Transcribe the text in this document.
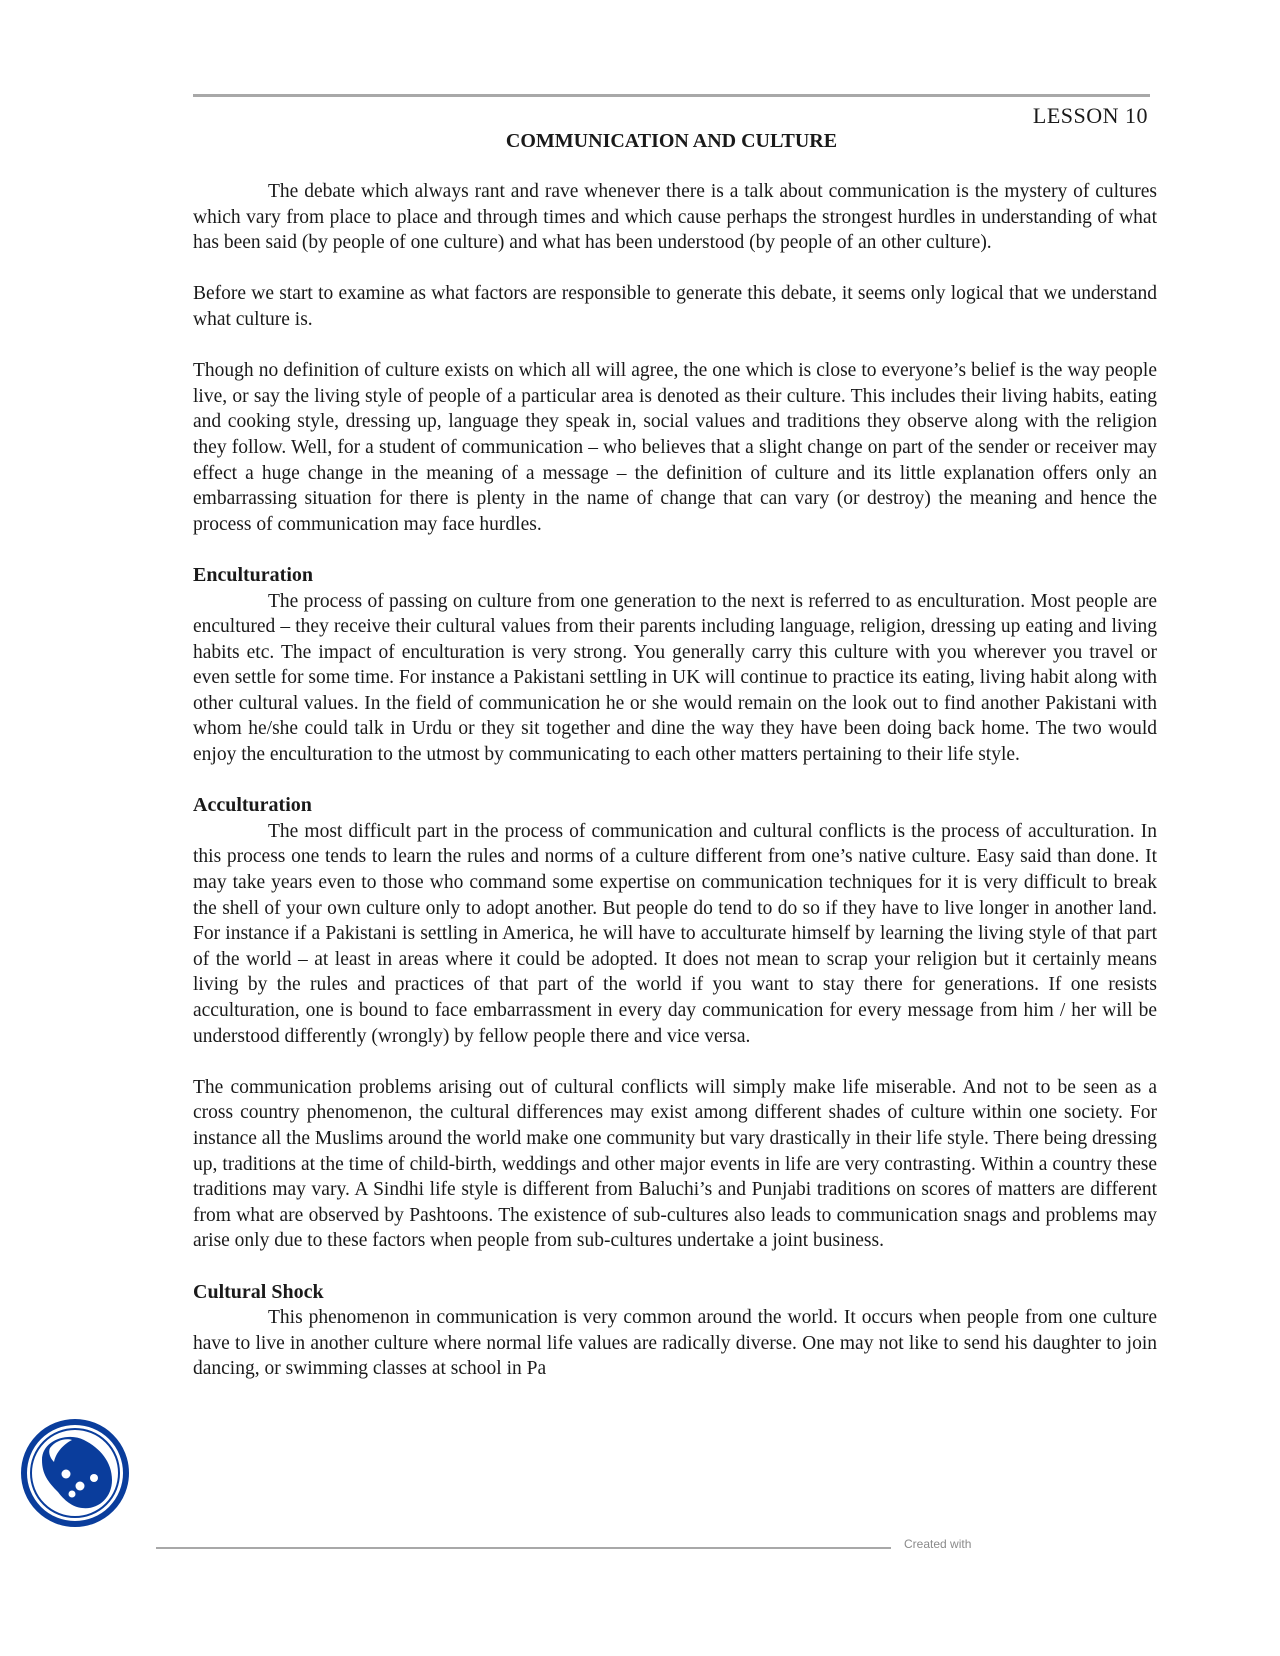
LESSON 10
COMMUNICATION AND CULTURE

The debate which always rant and rave whenever there is a talk about communication is the mystery of cultures which vary from place to place and through times and which cause perhaps the strongest hurdles in understanding of what has been said (by people of one culture) and what has been understood (by people of an other culture).

Before we start to examine as what factors are responsible to generate this debate, it seems only logical that we understand what culture is.

Though no definition of culture exists on which all will agree, the one which is close to everyone’s belief is the way people live, or say the living style of people of a particular area is denoted as their culture. This includes their living habits, eating and cooking style, dressing up, language they speak in, social values and traditions they observe along with the religion they follow. Well, for a student of communication – who believes that a slight change on part of the sender or receiver may effect a huge change in the meaning of a message – the definition of culture and its little explanation offers only an embarrassing situation for there is plenty in the name of change that can vary (or destroy) the meaning and hence the process of communication may face hurdles.

Enculturation

The process of passing on culture from one generation to the next is referred to as enculturation. Most people are encultured – they receive their cultural values from their parents including language, religion, dressing up eating and living habits etc. The impact of enculturation is very strong. You generally carry this culture with you wherever you travel or even settle for some time. For instance a Pakistani settling in UK will continue to practice its eating, living habit along with other cultural values. In the field of communication he or she would remain on the look out to find another Pakistani with whom he/she could talk in Urdu or they sit together and dine the way they have been doing back home. The two would enjoy the enculturation to the utmost by communicating to each other matters pertaining to their life style.

Acculturation

The most difficult part in the process of communication and cultural conflicts is the process of acculturation. In this process one tends to learn the rules and norms of a culture different from one’s native culture. Easy said than done. It may take years even to those who command some expertise on communication techniques for it is very difficult to break the shell of your own culture only to adopt another. But people do tend to do so if they have to live longer in another land. For instance if a Pakistani is settling in America, he will have to acculturate himself by learning the living style of that part of the world – at least in areas where it could be adopted. It does not mean to scrap your religion but it certainly means living by the rules and practices of that part of the world if you want to stay there for generations. If one resists acculturation, one is bound to face embarrassment in every day communication for every message from him / her will be understood differently (wrongly) by fellow people there and vice versa.

The communication problems arising out of cultural conflicts will simply make life miserable. And not to be seen as a cross country phenomenon, the cultural differences may exist among different shades of culture within one society. For instance all the Muslims around the world make one community but vary drastically in their life style. There being dressing up, traditions at the time of child-birth, weddings and other major events in life are very contrasting. Within a country these traditions may vary. A Sindhi life style is different from Baluchi’s and Punjabi traditions on scores of matters are different from what are observed by Pashtoons. The existence of sub-cultures also leads to communication snags and problems may arise only due to these factors when people from sub-cultures undertake a joint business.

Cultural Shock

This phenomenon in communication is very common around the world. It occurs when people from one culture have to live in another culture where normal life values are radically diverse. One may not like to send his daughter to join dancing, or swimming classes at school in Pa

Created with
